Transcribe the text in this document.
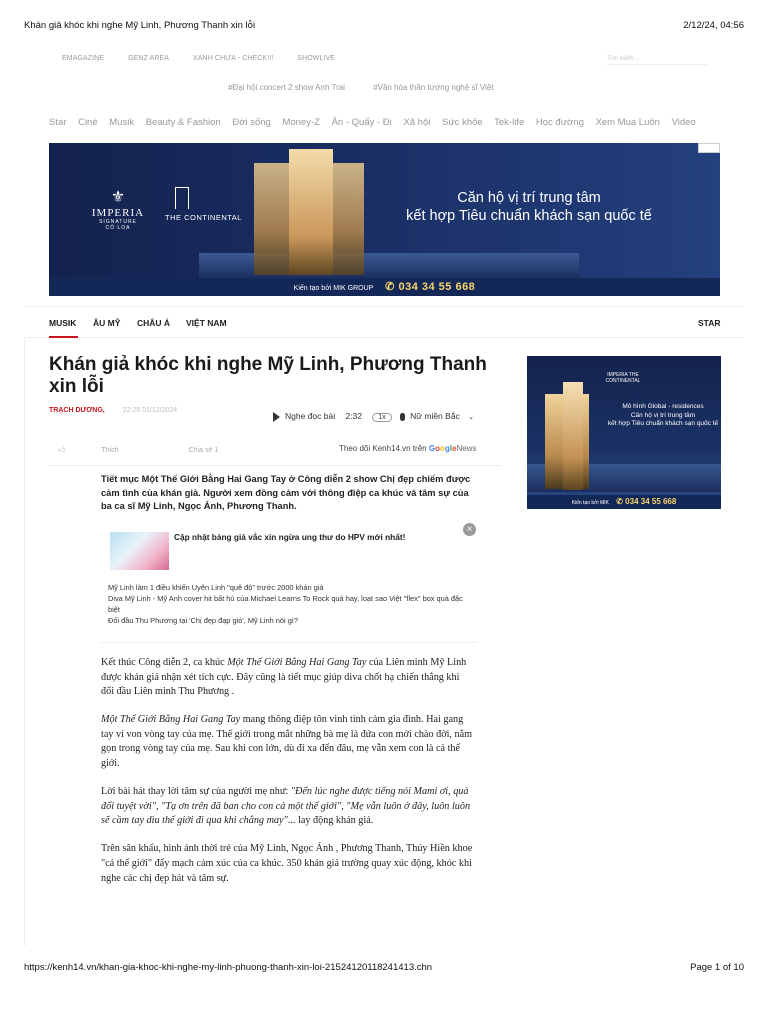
Khán giả khóc khi nghe Mỹ Linh, Phương Thanh xin lỗi	2/12/24, 04:56
EMAGAZINE	GENZ AREA	XANH CHƯA - CHECK!!!	SHOWLIVE	Tìm kiếm...
#Đại hội concert 2 show Anh Trai	#Văn hóa thần tượng nghệ sĩ Việt
Star Ciné Musik Beauty & Fashion Đời sống Money-Z Ăn - Quẩy - Đi Xã hội Sức khỏe Tek-life Học đường Xem Mua Luôn Video
⚜
IMPERIA
SIGNATURE
CỔ LOA
THE CONTINENTAL
Căn hộ vị trí trung tâm
kết hợp Tiêu chuẩn khách sạn quốc tế
Kiến tạo bởi MIK GROUP ✆ 034 34 55 668
MUSIK ÂU MỸ CHÂU Á VIỆT NAM	STAR
Khán giả khóc khi nghe Mỹ Linh, Phương Thanh xin lỗi
TRẠCH DƯƠNG,	22:25 01/12/2024
Nghe đọc bài 2:32 1x	Nữ miền Bắc ⌄
👍︎	Thích	Chia sẻ 1	Theo dõi Kenh14.vn trên GoogleNews

Tiết mục Một Thế Giới Bằng Hai Gang Tay ở Công diễn 2 show Chị đẹp chiếm được cảm tình của khán giả. Người xem đồng cảm với thông điệp ca khúc và tâm sự của ba ca sĩ Mỹ Linh, Ngọc Ánh, Phương Thanh.

×
Cập nhật bảng giá vắc xin ngừa ung thư do HPV mới nhất!
Mỹ Linh làm 1 điều khiến Uyên Linh "quê độ" trước 2000 khán giả
Diva Mỹ Linh - Mỹ Anh cover hit bất hủ của Michael Learns To Rock quá hay, loạt sao Việt "flex" box quà đặc biệt
Đối đầu Thu Phương tại 'Chị đẹp đạp gió', Mỹ Linh nói gì?

Kết thúc Công diễn 2, ca khúc Một Thế Giới Bằng Hai Gang Tay của Liên minh Mỹ Linh được khán giả nhận xét tích cực. Đây cũng là tiết mục giúp diva chốt hạ chiến thắng khi đối đầu Liên minh Thu Phương .

Một Thế Giới Bằng Hai Gang Tay mang thông điệp tôn vinh tình cảm gia đình. Hai gang tay ví von vòng tay của mẹ. Thế giới trong mắt những bà mẹ là đứa con mới chào đời, nằm gọn trong vòng tay của mẹ. Sau khi con lớn, dù đi xa đến đâu, mẹ vẫn xem con là cả thế giới.

Lời bài hát thay lời tâm sự của người mẹ như: "Đến lúc nghe được tiếng nói Mami ơi, quả đổi tuyệt vời", "Tạ ơn trên đã ban cho con cả một thế giới", "Mẹ vẫn luôn ở đây, luôn luôn sẽ cầm tay dìu thế giới đi qua khi chẳng may"... lay động khán giả.

Trên sân khấu, hình ảnh thời trẻ của Mỹ Linh, Ngọc Ánh , Phương Thanh, Thúy Hiền khoe "cả thế giới" đẩy mạch cảm xúc của ca khúc. 350 khán giả trường quay xúc động, khóc khi nghe các chị đẹp hát và tâm sự.

IMPERIA THE CONTINENTAL
Mô hình Global - residences
Căn hộ vị trí trung tâm
kết hợp Tiêu chuẩn khách sạn quốc tế
Kiến tạo bởi MIK ✆ 034 34 55 668
https://kenh14.vn/khan-gia-khoc-khi-nghe-my-linh-phuong-thanh-xin-loi-21524120118241413.chn	Page 1 of 10
